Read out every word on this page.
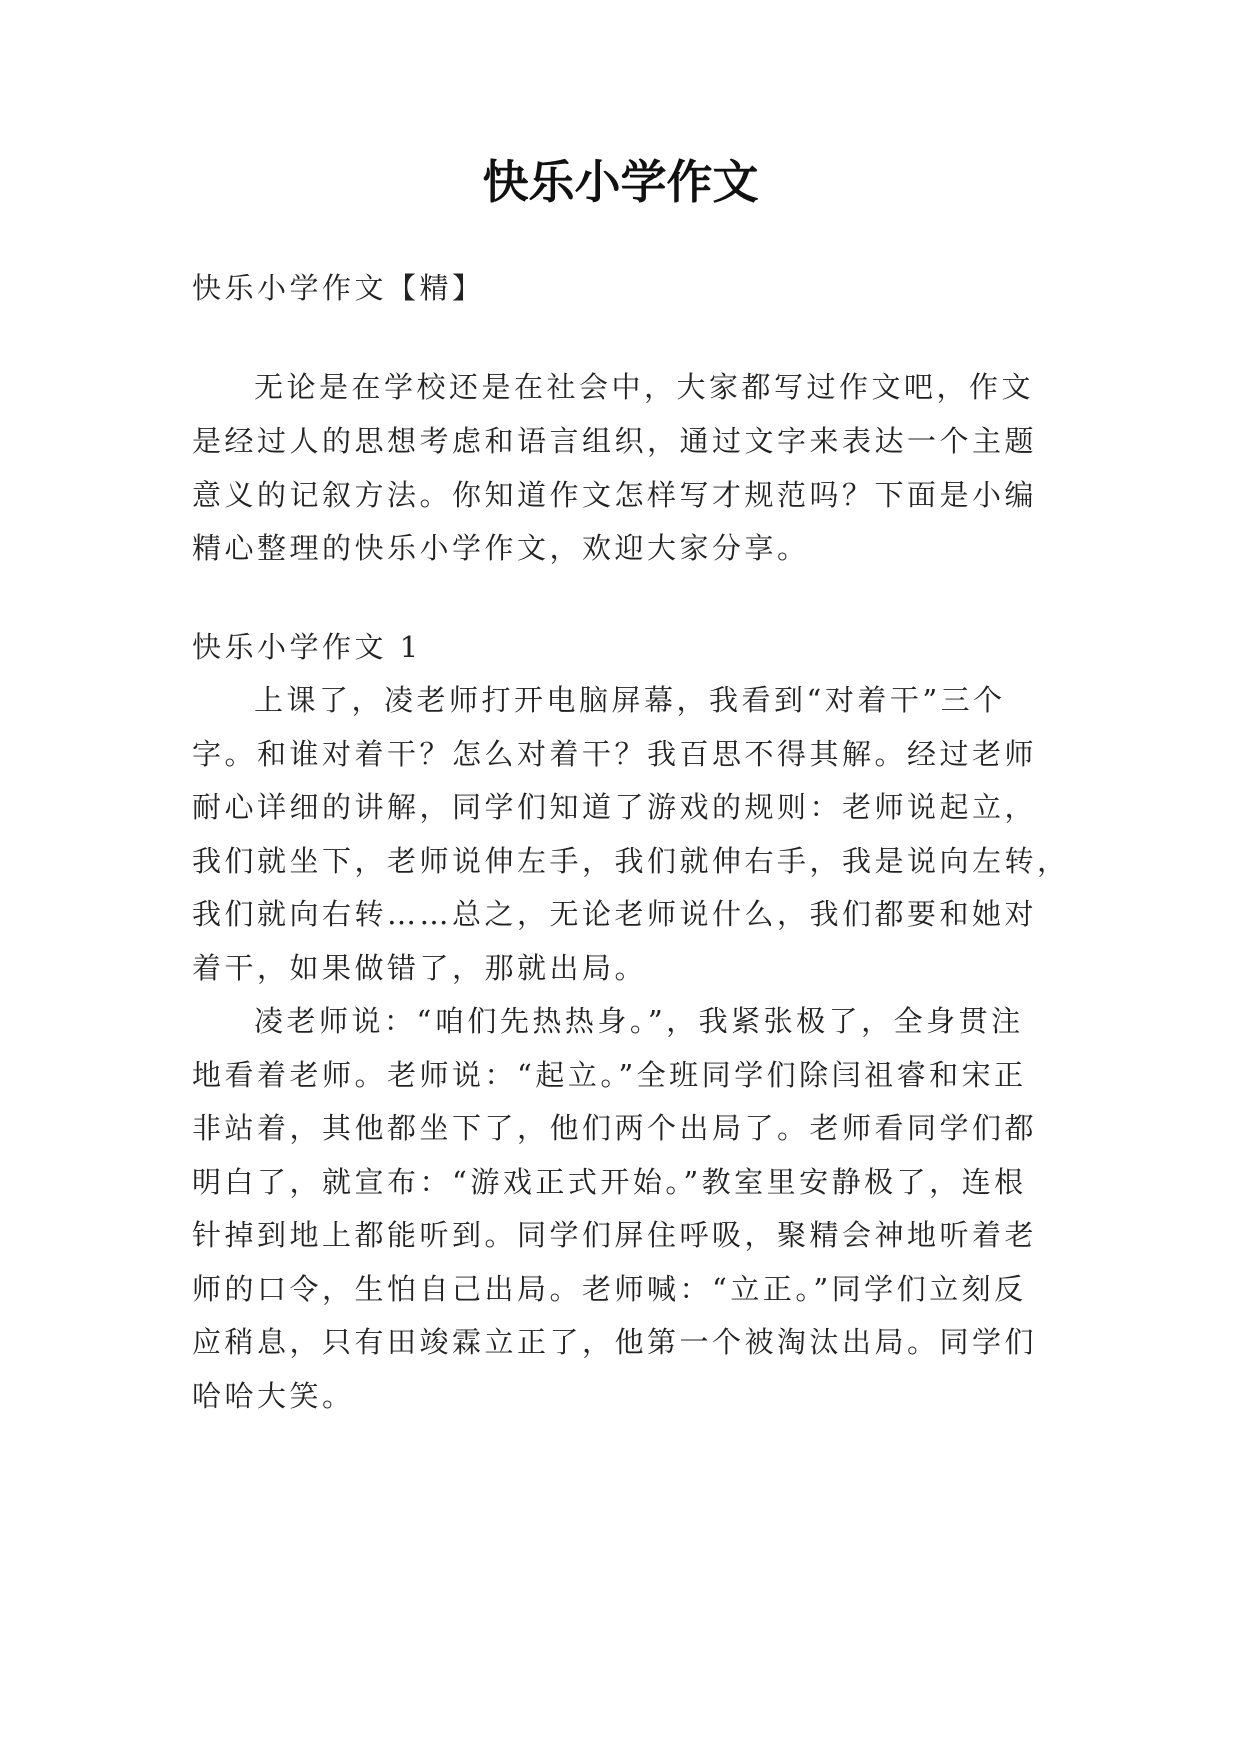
快乐小学作文
快乐小学作文【精】
无论是在学校还是在社会中，大家都写过作文吧，作文
是经过人的思想考虑和语言组织，通过文字来表达一个主题
意义的记叙方法。你知道作文怎样写才规范吗？下面是小编
精心整理的快乐小学作文，欢迎大家分享。
快乐小学作文 1
上课了，凌老师打开电脑屏幕，我看到“对着干”三个
字。和谁对着干？怎么对着干？我百思不得其解。经过老师
耐心详细的讲解，同学们知道了游戏的规则：老师说起立，
我们就坐下，老师说伸左手，我们就伸右手，我是说向左转，
我们就向右转……总之，无论老师说什么，我们都要和她对
着干，如果做错了，那就出局。
凌老师说：“咱们先热热身。”，我紧张极了，全身贯注
地看着老师。老师说：“起立。”全班同学们除闫祖睿和宋正
非站着，其他都坐下了，他们两个出局了。老师看同学们都
明白了，就宣布：“游戏正式开始。”教室里安静极了，连根
针掉到地上都能听到。同学们屏住呼吸，聚精会神地听着老
师的口令，生怕自己出局。老师喊：“立正。”同学们立刻反
应稍息，只有田竣霖立正了，他第一个被淘汰出局。同学们
哈哈大笑。
